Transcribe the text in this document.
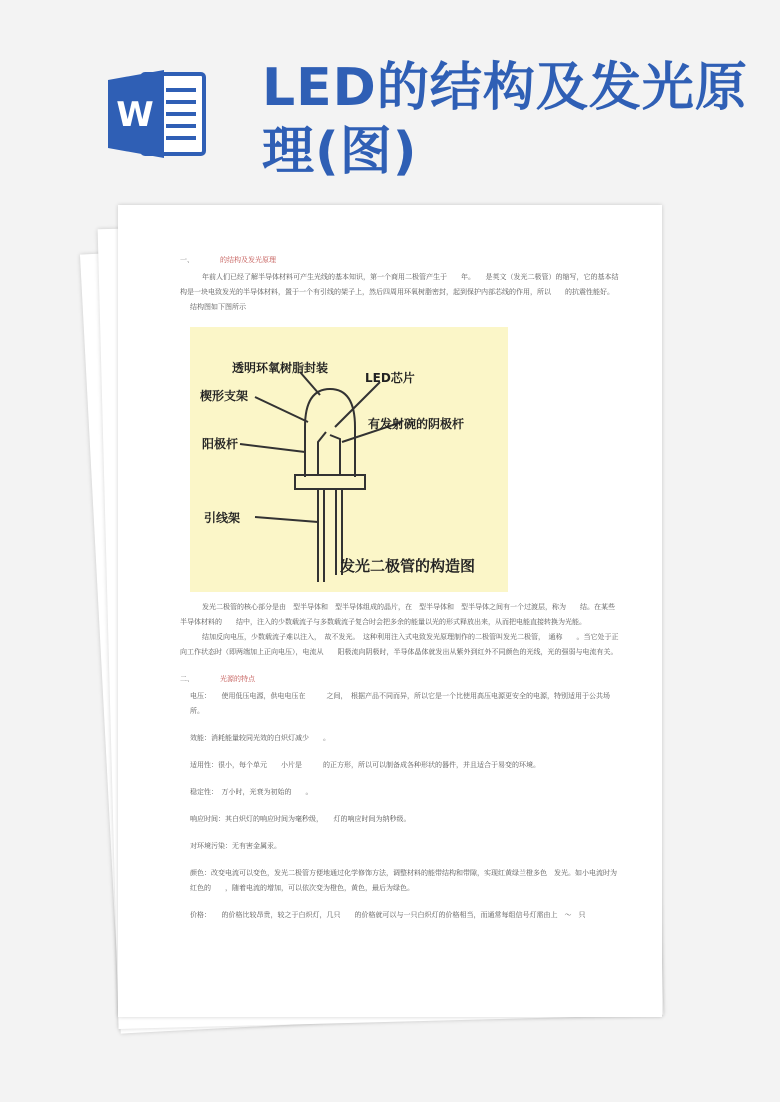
W LED的结构及发光原理(图)

一、	的结构及发光原理

年前人们已经了解半导体材料可产生光线的基本知识，第一个商用二极管产生于　　年。　　是英文（发光二极管）的缩写，它的基本结构是一块电致发光的半导体材料，置于一个有引线的架子上，然后四周用环氧树脂密封，起到保护内部芯线的作用，所以　　的抗震性能好。

结构图如下图所示

透明环氧树脂封装
LED芯片
楔形支架
有发射碗的阴极杆
阳极杆
引线架
发光二极管的构造图

发光二极管的核心部分是由　型半导体和　型半导体组成的晶片，在　型半导体和　型半导体之间有一个过渡层，称为　　结。在某些半导体材料的　　结中，注入的少数载流子与多数载流子复合时会把多余的能量以光的形式释放出来，从而把电能直接转换为光能。

结加反向电压，少数载流子难以注入，　故不发光。　这种利用注入式电致发光原理制作的二极管叫发光二极管，　通称　　。当它处于正向工作状态时（即两端加上正向电压），电流从　　阳极流向阴极时，半导体晶体就发出从紫外到红外不同颜色的光线，光的强弱与电流有关。

二、	光源的特点

电压：　　使用低压电源，供电电压在　　　之间，　根据产品不同而异，所以它是一个比使用高压电源更安全的电源，特别适用于公共场所。

效能：消耗能量较同光效的白炽灯减少　　。

适用性：很小，每个单元　　小片是　　　的正方形，所以可以制备成各种形状的器件，并且适合于易变的环境。

稳定性：　万小时，光衰为初始的　　。

响应时间：其白炽灯的响应时间为毫秒级，　　灯的响应时间为纳秒级。

对环境污染：无有害金属汞。

颜色：改变电流可以变色，发光二极管方便地通过化学修饰方法，调整材料的能带结构和带隙，实现红黄绿兰橙多色　发光。如小电流时为红色的　　，随着电流的增加，可以依次变为橙色，黄色，最后为绿色。

价格：　　的价格比较昂贵，较之于白炽灯，几只　　的价格就可以与一只白炽灯的价格相当，而通常每组信号灯需由上　～　只
